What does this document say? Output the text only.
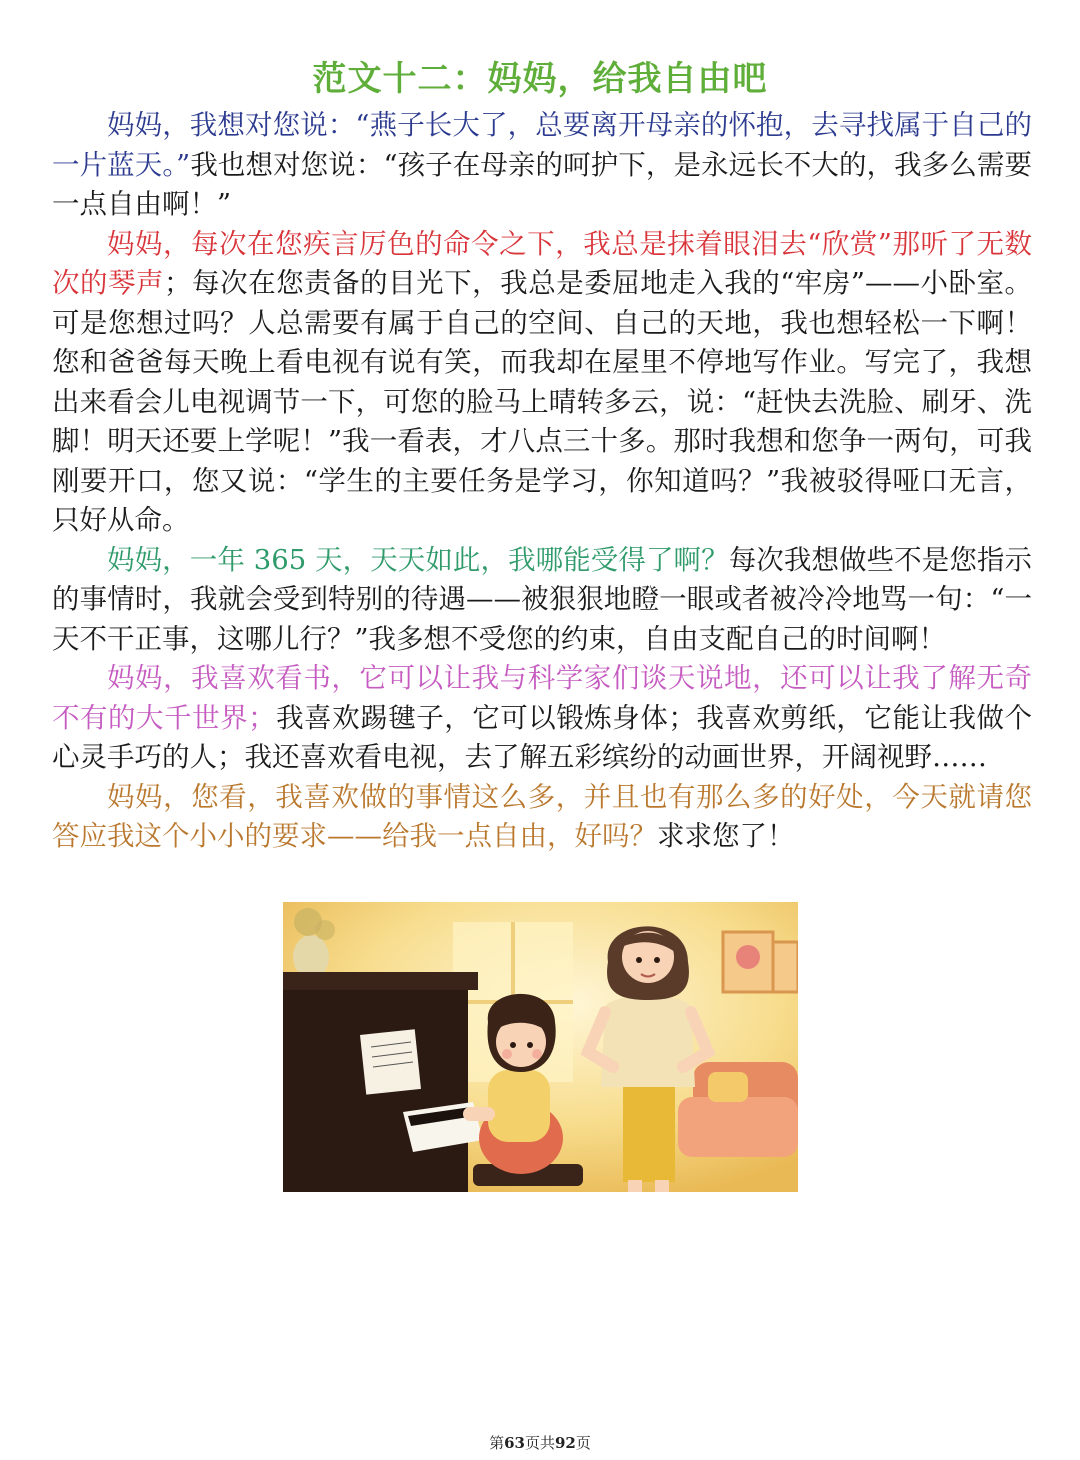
范文十二：妈妈，给我自由吧

妈妈，我想对您说：“燕子长大了，总要离开母亲的怀抱，去寻找属于自己的一片蓝天。”我也想对您说：“孩子在母亲的呵护下，是永远长不大的，我多么需要一点自由啊！”

妈妈，每次在您疾言厉色的命令之下，我总是抹着眼泪去“欣赏”那听了无数次的琴声；每次在您责备的目光下，我总是委屈地走入我的“牢房”——小卧室。可是您想过吗？人总需要有属于自己的空间、自己的天地，我也想轻松一下啊！您和爸爸每天晚上看电视有说有笑，而我却在屋里不停地写作业。写完了，我想出来看会儿电视调节一下，可您的脸马上晴转多云，说：“赶快去洗脸、刷牙、洗脚！明天还要上学呢！”我一看表，才八点三十多。那时我想和您争一两句，可我刚要开口，您又说：“学生的主要任务是学习，你知道吗？”我被驳得哑口无言，只好从命。

妈妈，一年 365 天，天天如此，我哪能受得了啊？每次我想做些不是您指示的事情时，我就会受到特别的待遇——被狠狠地瞪一眼或者被冷冷地骂一句：“一天不干正事，这哪儿行？”我多想不受您的约束，自由支配自己的时间啊！

妈妈，我喜欢看书，它可以让我与科学家们谈天说地，还可以让我了解无奇不有的大千世界；我喜欢踢毽子，它可以锻炼身体；我喜欢剪纸，它能让我做个心灵手巧的人；我还喜欢看电视，去了解五彩缤纷的动画世界，开阔视野……

妈妈，您看，我喜欢做的事情这么多，并且也有那么多的好处，今天就请您答应我这个小小的要求——给我一点自由，好吗？求求您了！

第63页共92页
